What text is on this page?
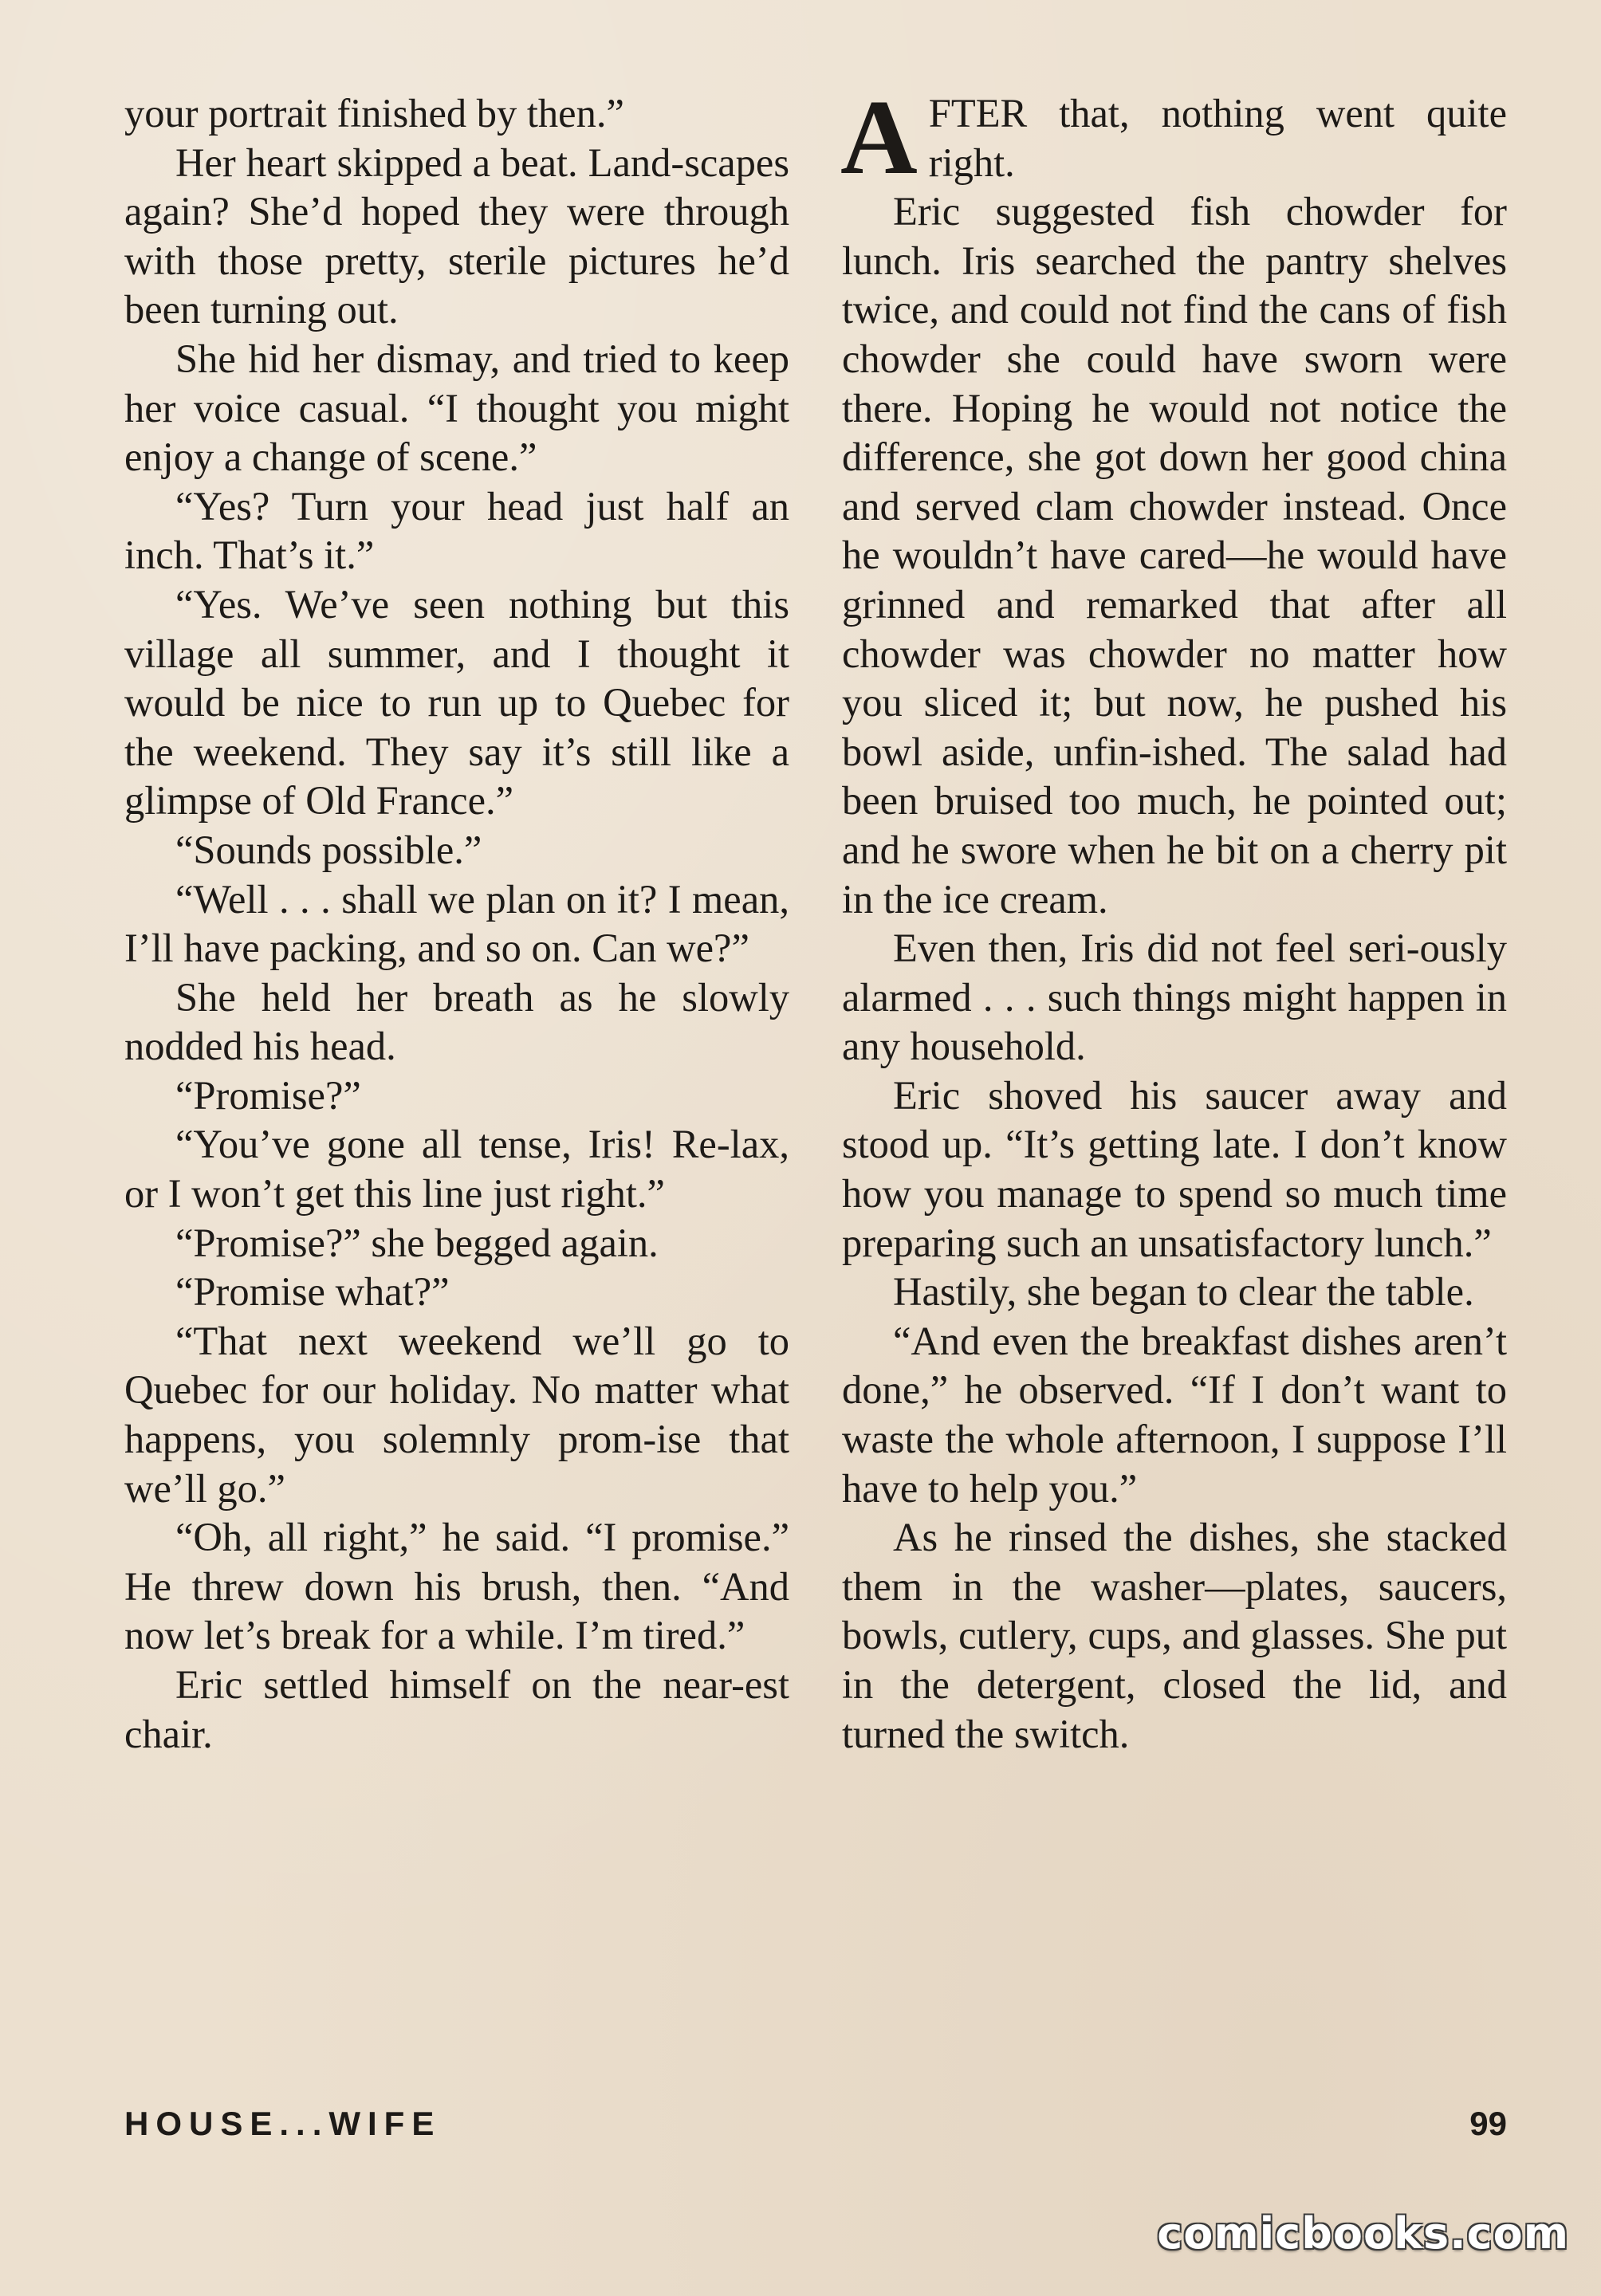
your portrait finished by then.”

Her heart skipped a beat. Land-scapes again? She’d hoped they were through with those pretty, sterile pictures he’d been turning out.

She hid her dismay, and tried to keep her voice casual. “I thought you might enjoy a change of scene.”

“Yes? Turn your head just half an inch. That’s it.”

“Yes. We’ve seen nothing but this village all summer, and I thought it would be nice to run up to Quebec for the weekend. They say it’s still like a glimpse of Old France.”

“Sounds possible.”

“Well . . . shall we plan on it? I mean, I’ll have packing, and so on. Can we?”

She held her breath as he slowly nodded his head.

“Promise?”

“You’ve gone all tense, Iris! Re-lax, or I won’t get this line just right.”

“Promise?” she begged again.

“Promise what?”

“That next weekend we’ll go to Quebec for our holiday. No matter what happens, you solemnly prom-ise that we’ll go.”

“Oh, all right,” he said. “I promise.” He threw down his brush, then. “And now let’s break for a while. I’m tired.”

Eric settled himself on the near-est chair.

AFTER that, nothing went quite right.

Eric suggested fish chowder for lunch. Iris searched the pantry shelves twice, and could not find the cans of fish chowder she could have sworn were there. Hoping he would not notice the difference, she got down her good china and served clam chowder instead. Once he wouldn’t have cared—he would have grinned and remarked that after all chowder was chowder no matter how you sliced it; but now, he pushed his bowl aside, unfin-ished. The salad had been bruised too much, he pointed out; and he swore when he bit on a cherry pit in the ice cream.

Even then, Iris did not feel seri-ously alarmed . . . such things might happen in any household.

Eric shoved his saucer away and stood up. “It’s getting late. I don’t know how you manage to spend so much time preparing such an unsatisfactory lunch.”

Hastily, she began to clear the table.

“And even the breakfast dishes aren’t done,” he observed. “If I don’t want to waste the whole afternoon, I suppose I’ll have to help you.”

As he rinsed the dishes, she stacked them in the washer—plates, saucers, bowls, cutlery, cups, and glasses. She put in the detergent, closed the lid, and turned the switch.

HOUSE...WIFE	99
comicbooks.com
